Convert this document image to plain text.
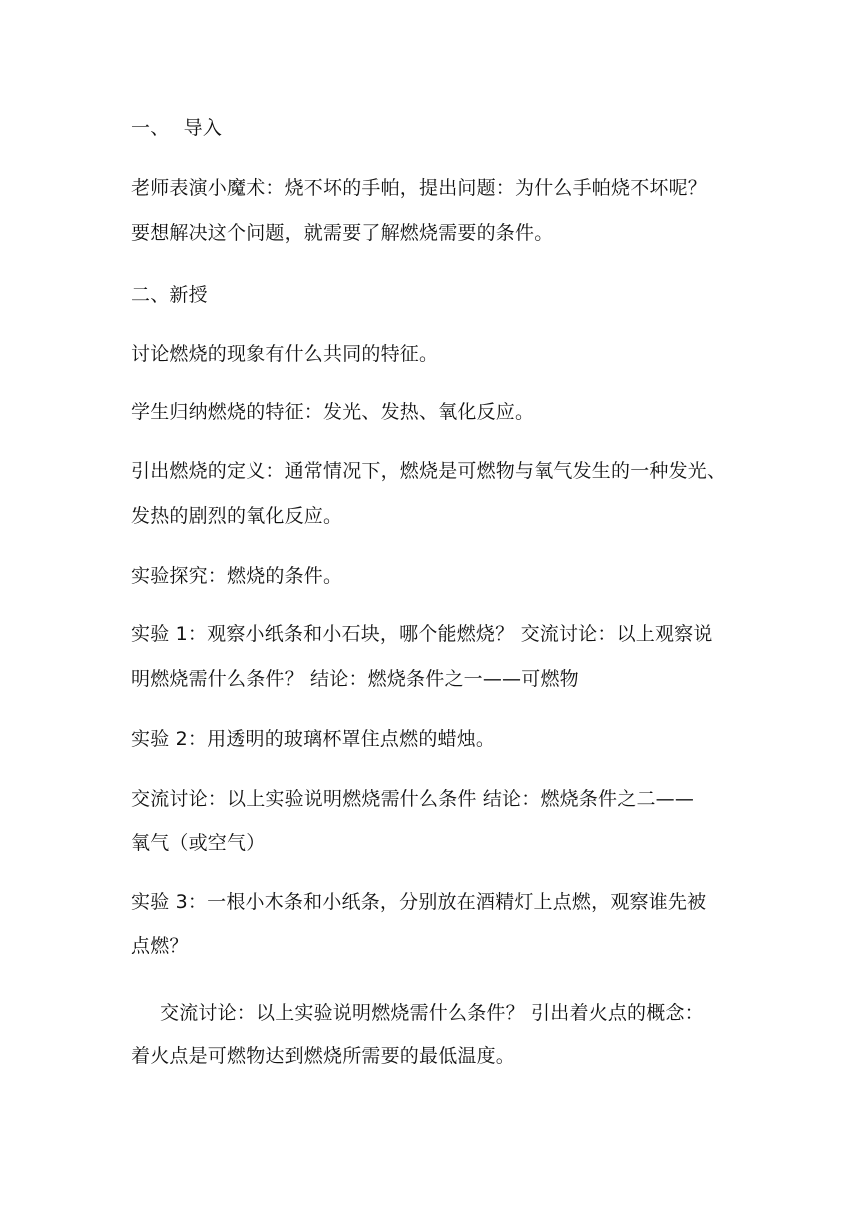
一、 导入
老师表演小魔术：烧不坏的手帕，提出问题：为什么手帕烧不坏呢？
要想解决这个问题，就需要了解燃烧需要的条件。
二、新授
讨论燃烧的现象有什么共同的特征。
学生归纳燃烧的特征：发光、发热、氧化反应。
引出燃烧的定义：通常情况下，燃烧是可燃物与氧气发生的一种发光、
发热的剧烈的氧化反应。
实验探究：燃烧的条件。
实验 1：观察小纸条和小石块，哪个能燃烧？ 交流讨论：以上观察说
明燃烧需什么条件？ 结论：燃烧条件之一——可燃物
实验 2：用透明的玻璃杯罩住点燃的蜡烛。
交流讨论：以上实验说明燃烧需什么条件 结论：燃烧条件之二——
氧气（或空气）
实验 3：一根小木条和小纸条，分别放在酒精灯上点燃，观察谁先被
点燃？
交流讨论：以上实验说明燃烧需什么条件？ 引出着火点的概念：
着火点是可燃物达到燃烧所需要的最低温度。
